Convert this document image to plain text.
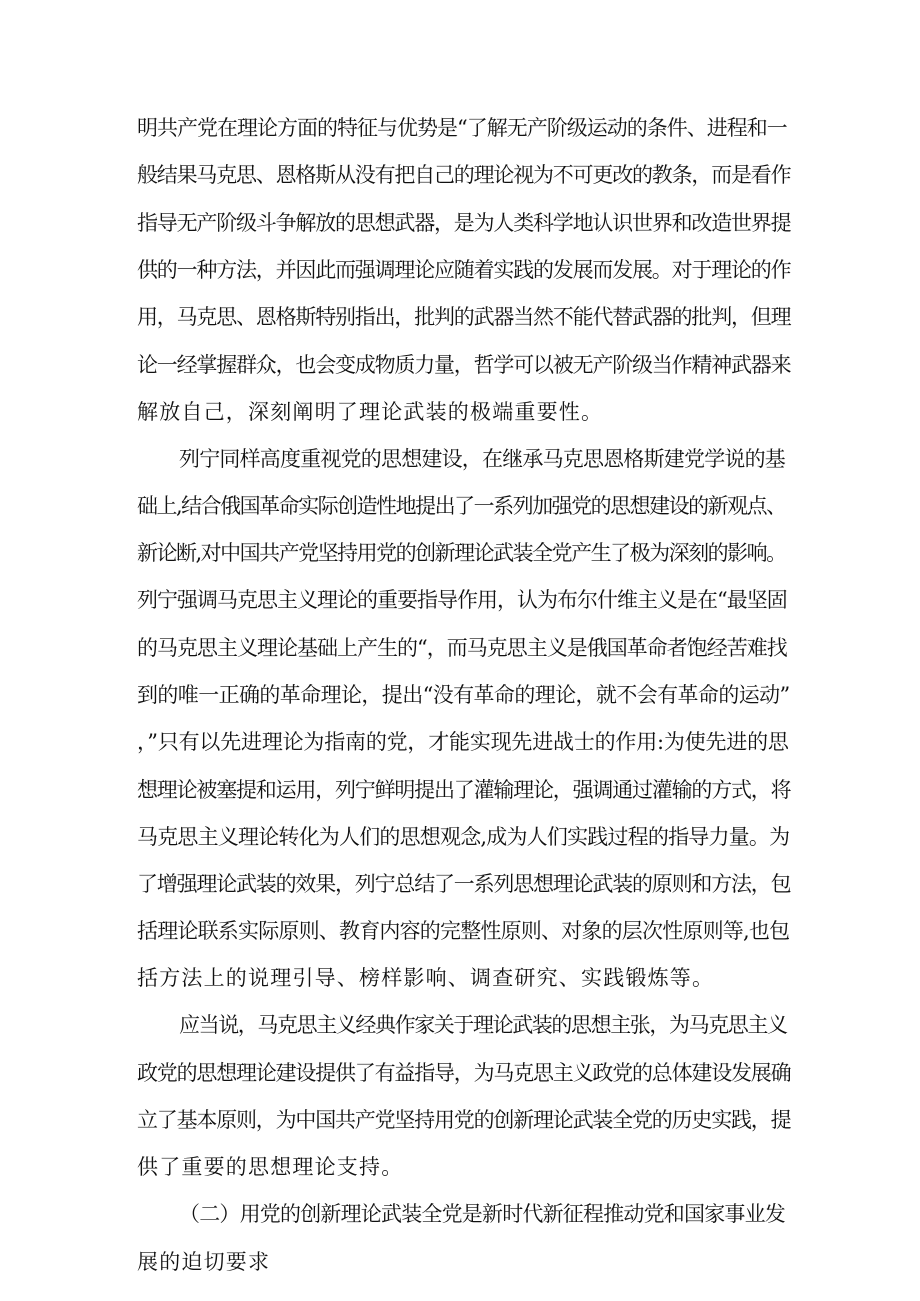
明共产党在理论方面的特征与优势是“了解无产阶级运动的条件、进程和一
般结果马克思、恩格斯从没有把自己的理论视为不可更改的教条，而是看作
指导无产阶级斗争解放的思想武器，是为人类科学地认识世界和改造世界提
供的一种方法，并因此而强调理论应随着实践的发展而发展。对于理论的作
用，马克思、恩格斯特别指出，批判的武器当然不能代替武器的批判，但理
论一经掌握群众，也会变成物质力量，哲学可以被无产阶级当作精神武器来
解放自己，深刻阐明了理论武装的极端重要性。
列宁同样高度重视党的思想建设，在继承马克思恩格斯建党学说的基
础上,结合俄国革命实际创造性地提出了一系列加强党的思想建设的新观点、
新论断,对中国共产党坚持用党的创新理论武装全党产生了极为深刻的影响。
列宁强调马克思主义理论的重要指导作用，认为布尔什维主义是在“最坚固
的马克思主义理论基础上产生的“，而马克思主义是俄国革命者饱经苦难找
到的唯一正确的革命理论，提出“没有革命的理论，就不会有革命的运动”
，”只有以先进理论为指南的党，才能实现先进战士的作用:为使先进的思
想理论被塞提和运用，列宁鲜明提出了灌输理论，强调通过灌输的方式，将
马克思主义理论转化为人们的思想观念,成为人们实践过程的指导力量。为
了增强理论武装的效果，列宁总结了一系列思想理论武装的原则和方法，包
括理论联系实际原则、教育内容的完整性原则、对象的层次性原则等,也包
括方法上的说理引导、榜样影响、调查研究、实践锻炼等。
应当说，马克思主义经典作家关于理论武装的思想主张，为马克思主义
政党的思想理论建设提供了有益指导，为马克思主义政党的总体建设发展确
立了基本原则，为中国共产党坚持用党的创新理论武装全党的历史实践，提
供了重要的思想理论支持。
（二）用党的创新理论武装全党是新时代新征程推动党和国家事业发
展的迫切要求
